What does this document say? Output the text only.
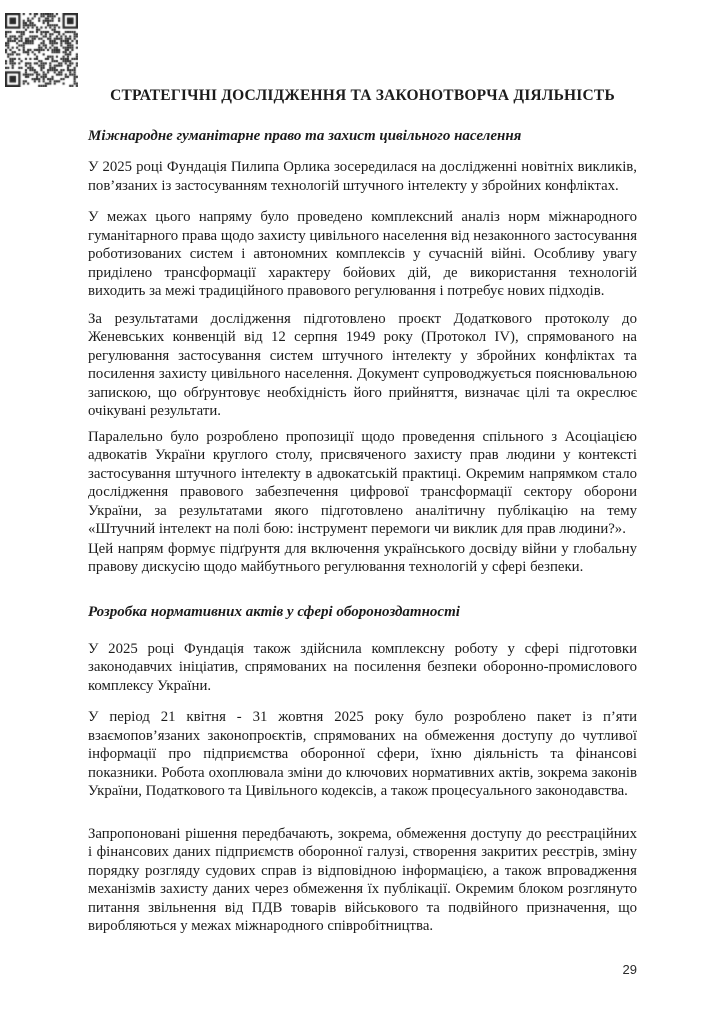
СТРАТЕГІЧНІ ДОСЛІДЖЕННЯ ТА ЗАКОНОТВОРЧА ДІЯЛЬНІСТЬ
Міжнародне гуманітарне право та захист цивільного населення

У 2025 році Фундація Пилипа Орлика зосередилася на дослідженні новітніх викликів, пов’язаних із застосуванням технологій штучного інтелекту у збройних конфліктах.

У межах цього напряму було проведено комплексний аналіз норм міжнародного гуманітарного права щодо захисту цивільного населення від незаконного застосування роботизованих систем і автономних комплексів у сучасній війні. Особливу увагу приділено трансформації характеру бойових дій, де використання технологій виходить за межі традиційного правового регулювання і потребує нових підходів.

За результатами дослідження підготовлено проєкт Додаткового протоколу до Женевських конвенцій від 12 серпня 1949 року (Протокол IV), спрямованого на регулювання застосування систем штучного інтелекту у збройних конфліктах та посилення захисту цивільного населення. Документ супроводжується пояснювальною запискою, що обґрунтовує необхідність його прийняття, визначає цілі та окреслює очікувані результати.

Паралельно було розроблено пропозиції щодо проведення спільного з Асоціацією адвокатів України круглого столу, присвяченого захисту прав людини у контексті застосування штучного інтелекту в адвокатській практиці. Окремим напрямком стало дослідження правового забезпечення цифрової трансформації сектору оборони України, за результатами якого підготовлено аналітичну публікацію на тему «Штучний інтелект на полі бою: інструмент перемоги чи виклик для прав людини?».

Цей напрям формує підґрунтя для включення українського досвіду війни у глобальну правову дискусію щодо майбутнього регулювання технологій у сфері безпеки.

Розробка нормативних актів у сфері обороноздатності

У 2025 році Фундація також здійснила комплексну роботу у сфері підготовки законодавчих ініціатив, спрямованих на посилення безпеки оборонно-промислового комплексу України.

У період 21 квітня - 31 жовтня 2025 року було розроблено пакет із п’яти взаємопов’язаних законопроєктів, спрямованих на обмеження доступу до чутливої інформації про підприємства оборонної сфери, їхню діяльність та фінансові показники. Робота охоплювала зміни до ключових нормативних актів, зокрема законів України, Податкового та Цивільного кодексів, а також процесуального законодавства.

Запропоновані рішення передбачають, зокрема, обмеження доступу до реєстраційних і фінансових даних підприємств оборонної галузі, створення закритих реєстрів, зміну порядку розгляду судових справ із відповідною інформацією, а також впровадження механізмів захисту даних через обмеження їх публікації. Окремим блоком розглянуто питання звільнення від ПДВ товарів військового та подвійного призначення, що виробляються у межах міжнародного співробітництва.

29
